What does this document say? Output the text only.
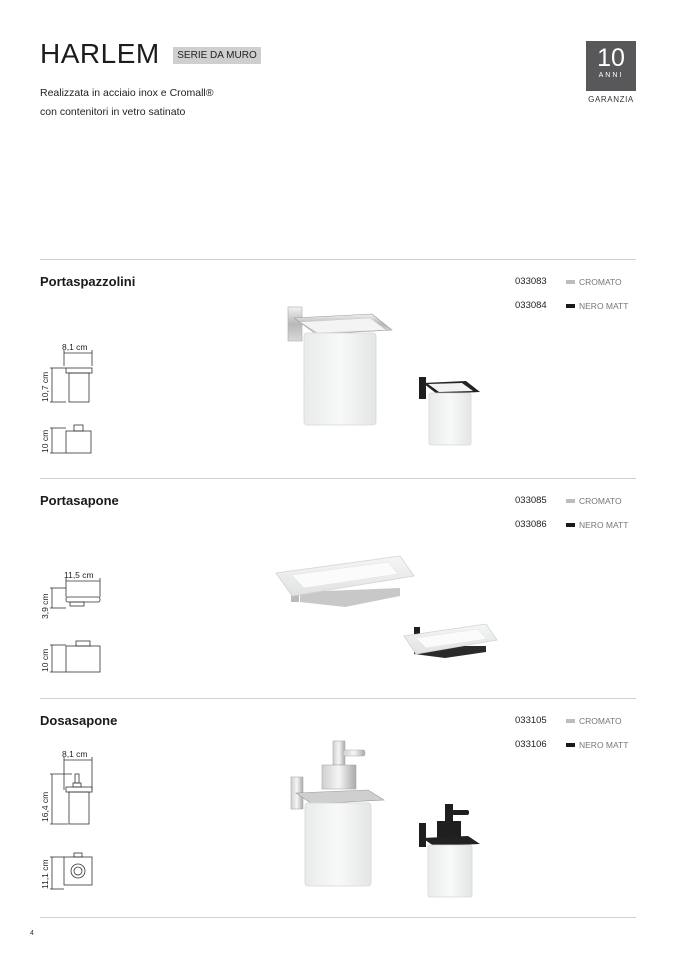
HARLEM	SERIE DA MURO
Realizzata in acciaio inox e Cromall®
con contenitori in vetro satinato
10
ANNI
GARANZIA
Portaspazzolini	033083	CROMATO
033084	NERO MATT
8,1 cm
10,7 cm
10 cm
Portasapone	033085	CROMATO
033086	NERO MATT
11,5 cm
3,9 cm
10 cm
Dosasapone	033105	CROMATO
033106	NERO MATT
8,1 cm
16,4 cm
11,1 cm
4
